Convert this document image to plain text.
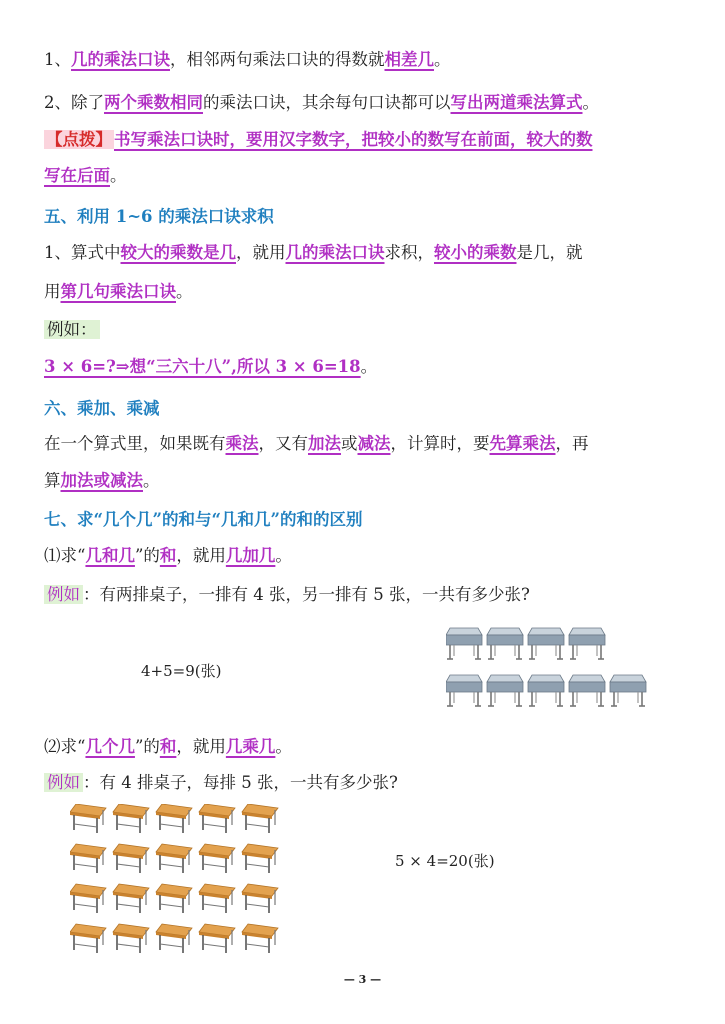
1、几的乘法口诀，相邻两句乘法口诀的得数就相差几。
2、除了两个乘数相同的乘法口诀，其余每句口诀都可以写出两道乘法算式。
【点拨】 书写乘法口诀时，要用汉字数字，把较小的数写在前面，较大的数
写在后面。
五、利用 1~6 的乘法口诀求积
1、算式中较大的乘数是几，就用几的乘法口诀求积，较小的乘数是几，就
用第几句乘法口诀。
例如：
3 × 6=?⇒想“三六十八”,所以 3 × 6=18。
六、乘加、乘减
在一个算式里，如果既有乘法，又有加法或减法，计算时，要先算乘法，再
算加法或减法。
七、求“几个几”的和与“几和几”的和的区别
⑴求“几和几”的和，就用几加几。
例如 ：有两排桌子，一排有 4 张，另一排有 5 张，一共有多少张?
4+5=9(张)
⑵求“几个几”的和，就用几乘几。
例如 ：有 4 排桌子，每排 5 张，一共有多少张?
5 × 4=20(张)
— 3 —
